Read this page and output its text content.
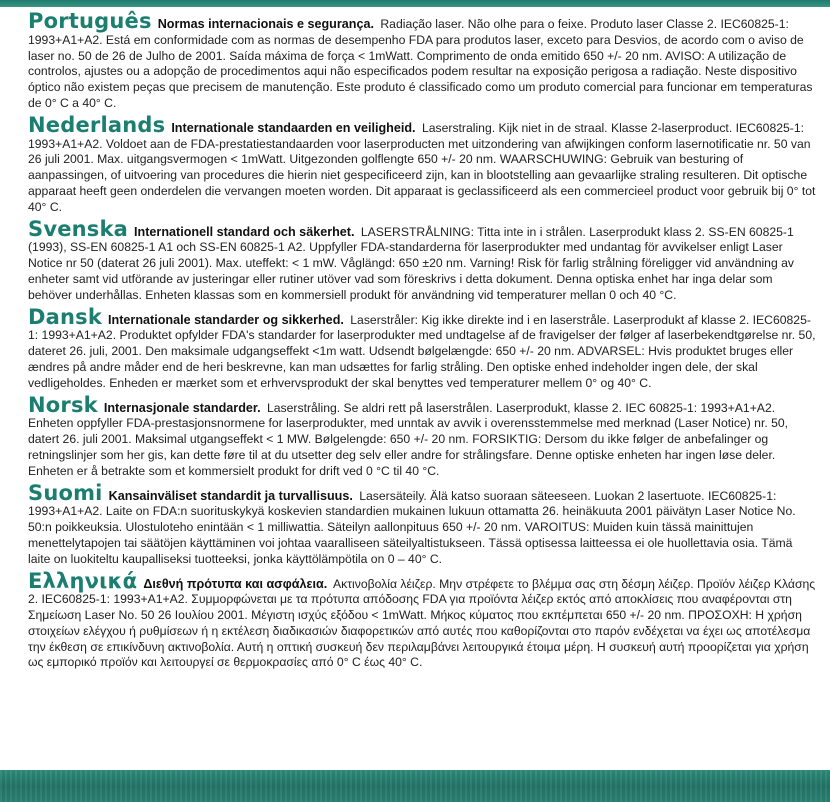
Português Normas internacionais e segurança. Radiação laser. Não olhe para o feixe. Produto laser Classe 2. IEC60825-1: 1993+A1+A2. Está em conformidade com as normas de desempenho FDA para produtos laser, exceto para Desvios, de acordo com o aviso de laser no. 50 de 26 de Julho de 2001. Saída máxima de força < 1mWatt. Comprimento de onda emitido 650 +/- 20 nm. AVISO: A utilização de controlos, ajustes ou a adopção de procedimentos aqui não especificados podem resultar na exposição perigosa a radiação. Neste dispositivo óptico não existem peças que precisem de manutenção. Este produto é classificado como um produto comercial para funcionar em temperaturas de 0° C a 40° C.

Nederlands Internationale standaarden en veiligheid. Laserstraling. Kijk niet in de straal. Klasse 2-laserproduct. IEC60825-1: 1993+A1+A2. Voldoet aan de FDA-prestatiestandaarden voor laserproducten met uitzondering van afwijkingen conform lasernotificatie nr. 50 van 26 juli 2001. Max. uitgangsvermogen < 1mWatt. Uitgezonden golflengte 650 +/- 20 nm. WAARSCHUWING: Gebruik van besturing of aanpassingen, of uitvoering van procedures die hierin niet gespecificeerd zijn, kan in blootstelling aan gevaarlijke straling resulteren. Dit optische apparaat heeft geen onderdelen die vervangen moeten worden. Dit apparaat is geclassificeerd als een commercieel product voor gebruik bij 0° tot 40° C.

Svenska Internationell standard och säkerhet. LASERSTRÅLNING: Titta inte in i strålen. Laserprodukt klass 2. SS-EN 60825-1 (1993), SS-EN 60825-1 A1 och SS-EN 60825-1 A2. Uppfyller FDA-standarderna för laserprodukter med undantag för avvikelser enligt Laser Notice nr 50 (daterat 26 juli 2001). Max. uteffekt: < 1 mW. Våglängd: 650 ±20 nm. Varning! Risk för farlig strålning föreligger vid användning av enheter samt vid utförande av justeringar eller rutiner utöver vad som föreskrivs i detta dokument. Denna optiska enhet har inga delar som behöver underhållas. Enheten klassas som en kommersiell produkt för användning vid temperaturer mellan 0 och 40 °C.

Dansk Internationale standarder og sikkerhed. Laserstråler: Kig ikke direkte ind i en laserstråle. Laserprodukt af klasse 2. IEC60825-1: 1993+A1+A2. Produktet opfylder FDA's standarder for laserprodukter med undtagelse af de fravigelser der følger af laserbekendtgørelse nr. 50, dateret 26. juli, 2001. Den maksimale udgangseffekt <1m watt. Udsendt bølgelængde: 650 +/- 20 nm. ADVARSEL: Hvis produktet bruges eller ændres på andre måder end de heri beskrevne, kan man udsættes for farlig stråling. Den optiske enhed indeholder ingen dele, der skal vedligeholdes. Enheden er mærket som et erhvervsprodukt der skal benyttes ved temperaturer mellem 0° og 40° C.

Norsk Internasjonale standarder. Laserstråling. Se aldri rett på laserstrålen. Laserprodukt, klasse 2. IEC 60825-1: 1993+A1+A2. Enheten oppfyller FDA-prestasjonsnormene for laserprodukter, med unntak av avvik i overensstemmelse med merknad (Laser Notice) nr. 50, datert 26. juli 2001. Maksimal utgangseffekt < 1 MW. Bølgelengde: 650 +/- 20 nm. FORSIKTIG: Dersom du ikke følger de anbefalinger og retningslinjer som her gis, kan dette føre til at du utsetter deg selv eller andre for strålingsfare. Denne optiske enheten har ingen løse deler. Enheten er å betrakte som et kommersielt produkt for drift ved 0 °C til 40 °C.

Suomi Kansainväliset standardit ja turvallisuus. Lasersäteily. Älä katso suoraan säteeseen. Luokan 2 lasertuote. IEC60825-1: 1993+A1+A2. Laite on FDA:n suorituskykyä koskevien standardien mukainen lukuun ottamatta 26. heinäkuuta 2001 päivätyn Laser Notice No. 50:n poikkeuksia. Ulostuloteho enintään < 1 milliwattia. Säteilyn aallonpituus 650 +/- 20 nm. VAROITUS: Muiden kuin tässä mainittujen menettelytapojen tai säätöjen käyttäminen voi johtaa vaaralliseen säteilyaltistukseen. Tässä optisessa laitteessa ei ole huollettavia osia. Tämä laite on luokiteltu kaupalliseksi tuotteeksi, jonka käyttölämpötila on 0 – 40° C.

Ελληνικά Διεθνή πρότυπα και ασφάλεια. Ακτινοβολία λέιζερ. Μην στρέφετε το βλέμμα σας στη δέσμη λέιζερ. Προϊόν λέιζερ Κλάσης 2. IEC60825-1: 1993+A1+A2. Συμμορφώνεται με τα πρότυπα απόδοσης FDA για προϊόντα λέιζερ εκτός από αποκλίσεις που αναφέρονται στη Σημείωση Laser No. 50 26 Ιουλίου 2001. Μέγιστη ισχύς εξόδου < 1mWatt. Μήκος κύματος που εκπέμπεται 650 +/- 20 nm. ΠΡΟΣΟΧΗ: Η χρήση στοιχείων ελέγχου ή ρυθμίσεων ή η εκτέλεση διαδικασιών διαφορετικών από αυτές που καθορίζονται στο παρόν ενδέχεται να έχει ως αποτέλεσμα την έκθεση σε επικίνδυνη ακτινοβολία. Αυτή η οπτική συσκευή δεν περιλαμβάνει λειτουργικά έτοιμα μέρη. Η συσκευή αυτή προορίζεται για χρήση ως εμπορικό προϊόν και λειτουργεί σε θερμοκρασίες από 0° C έως 40° C.
